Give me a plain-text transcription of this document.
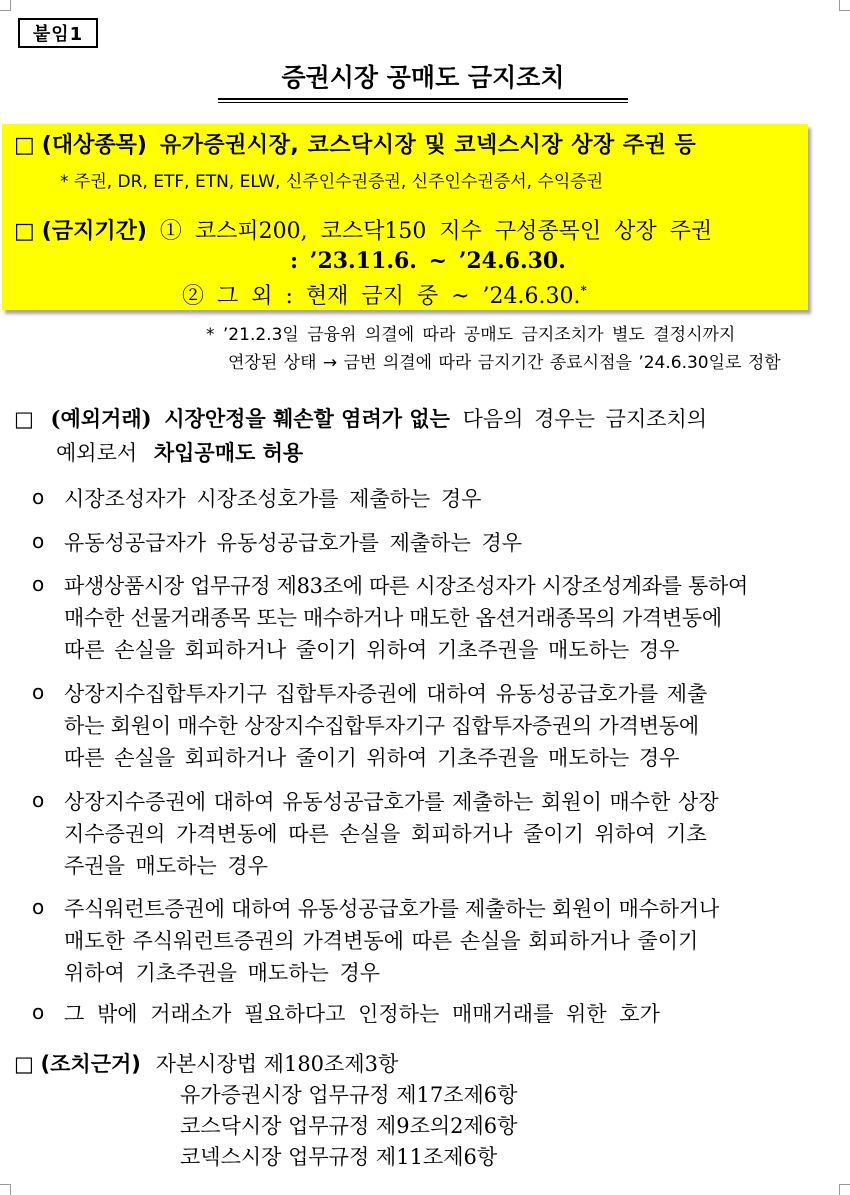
붙임1
증권시장 공매도 금지조치
□ (대상종목) 유가증권시장, 코스닥시장 및 코넥스시장 상장 주권 등
* 주권, DR, ETF, ETN, ELW, 신주인수권증권, 신주인수권증서, 수익증권
□ (금지기간) ① 코스피200, 코스닥150 지수 구성종목인 상장 주권
: ’23.11.6. ~ ’24.6.30.
② 그 외 : 현재 금지 중 ~ ’24.6.30.*
* ’21.2.3일 금융위 의결에 따라 공매도 금지조치가 별도 결정시까지
연장된 상태 → 금번 의결에 따라 금지기간 종료시점을 ’24.6.30일로 정함
□ (예외거래) 시장안정을 훼손할 염려가 없는 다음의 경우는 금지조치의
예외로서 차입공매도 허용
o 시장조성자가 시장조성호가를 제출하는 경우
o 유동성공급자가 유동성공급호가를 제출하는 경우
o 파생상품시장 업무규정 제83조에 따른 시장조성자가 시장조성계좌를 통하여
매수한 선물거래종목 또는 매수하거나 매도한 옵션거래종목의 가격변동에
따른 손실을 회피하거나 줄이기 위하여 기초주권을 매도하는 경우
o 상장지수집합투자기구 집합투자증권에 대하여 유동성공급호가를 제출
하는 회원이 매수한 상장지수집합투자기구 집합투자증권의 가격변동에
따른 손실을 회피하거나 줄이기 위하여 기초주권을 매도하는 경우
o 상장지수증권에 대하여 유동성공급호가를 제출하는 회원이 매수한 상장
지수증권의 가격변동에 따른 손실을 회피하거나 줄이기 위하여 기초
주권을 매도하는 경우
o 주식워런트증권에 대하여 유동성공급호가를 제출하는 회원이 매수하거나
매도한 주식워런트증권의 가격변동에 따른 손실을 회피하거나 줄이기
위하여 기초주권을 매도하는 경우
o 그 밖에 거래소가 필요하다고 인정하는 매매거래를 위한 호가
□ (조치근거) 자본시장법 제180조제3항
유가증권시장 업무규정 제17조제6항
코스닥시장 업무규정 제9조의2제6항
코넥스시장 업무규정 제11조제6항
